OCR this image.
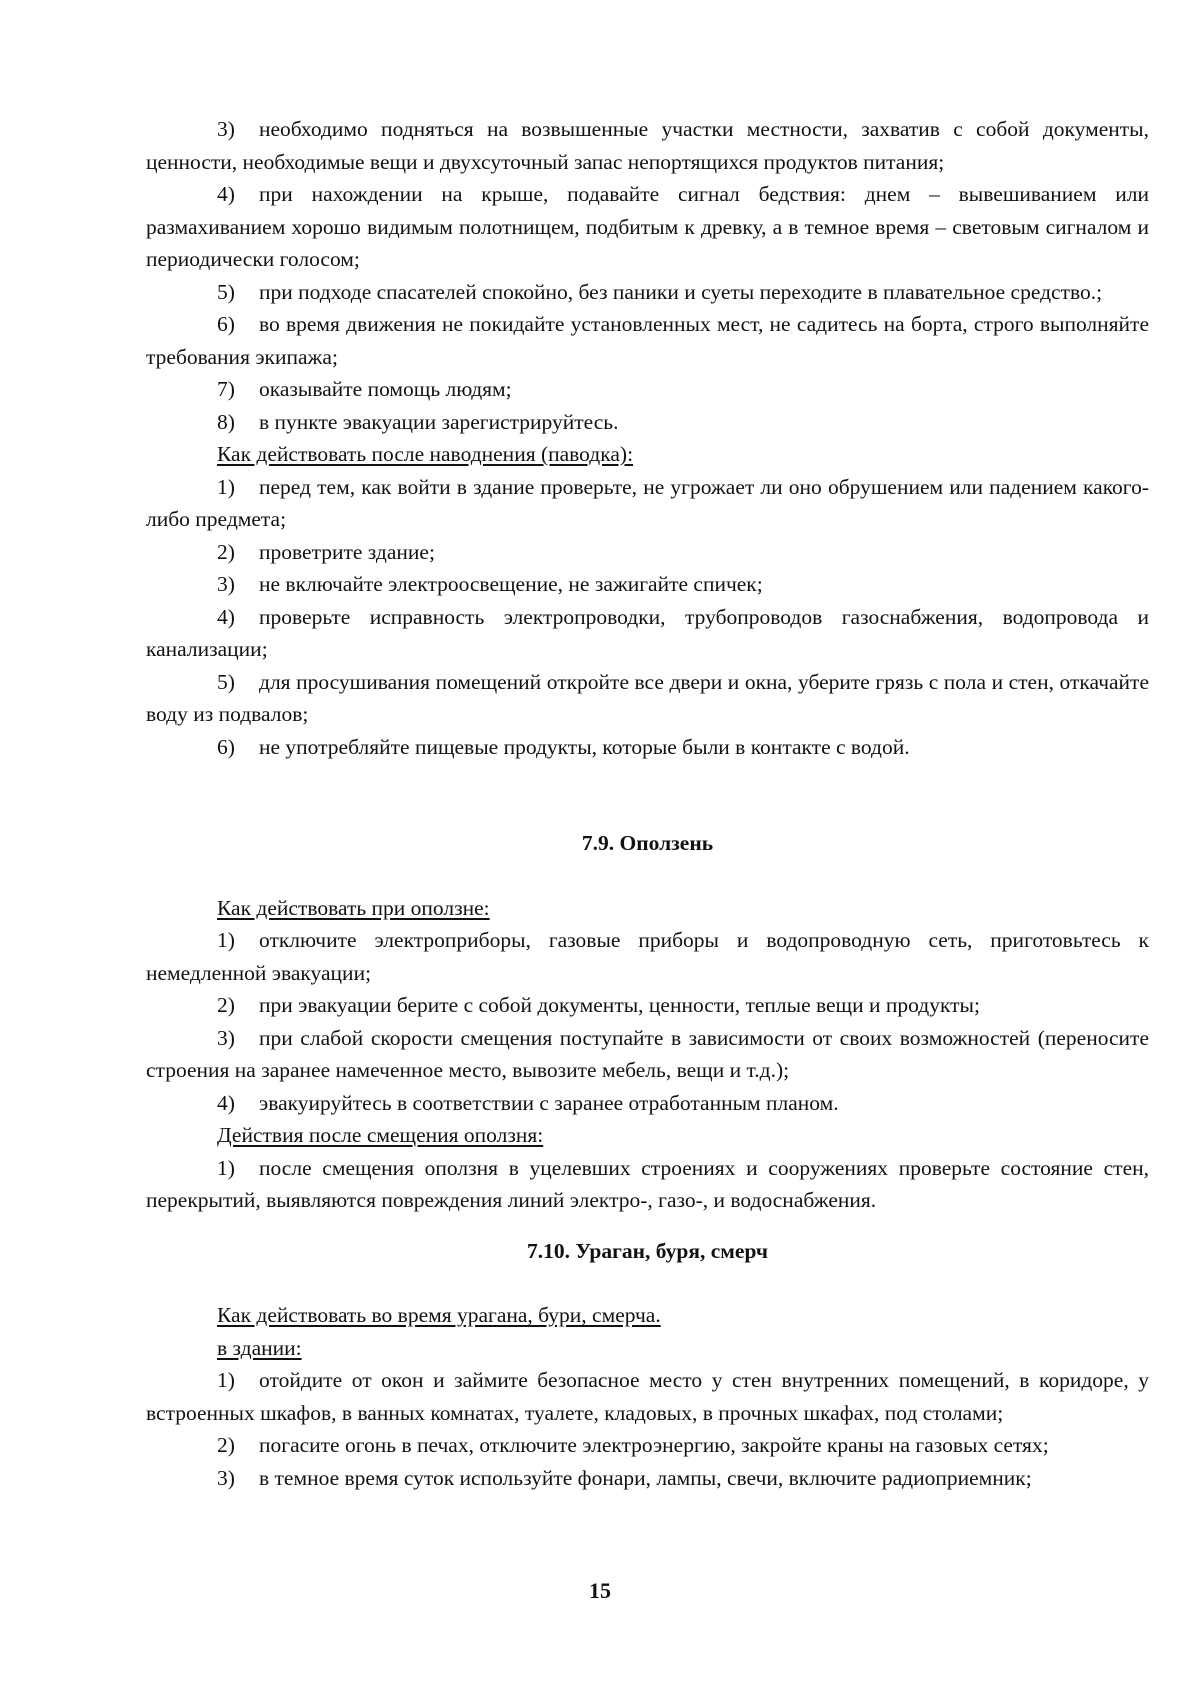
3) необходимо подняться на возвышенные участки местности, захватив с собой документы, ценности, необходимые вещи и двухсуточный запас непортящихся продуктов питания;

4) при нахождении на крыше, подавайте сигнал бедствия: днем – вывешиванием или размахиванием хорошо видимым полотнищем, подбитым к древку, а в темное время – световым сигналом и периодически голосом;

5) при подходе спасателей спокойно, без паники и суеты переходите в плавательное средство.;

6) во время движения не покидайте установленных мест, не садитесь на борта, строго выполняйте требования экипажа;

7) оказывайте помощь людям;

8) в пункте эвакуации зарегистрируйтесь.

Как действовать после наводнения (паводка):

1) перед тем, как войти в здание проверьте, не угрожает ли оно обрушением или падением какого-либо предмета;

2) проветрите здание;

3) не включайте электроосвещение, не зажигайте спичек;

4) проверьте исправность электропроводки, трубопроводов газоснабжения, водопровода и канализации;

5) для просушивания помещений откройте все двери и окна, уберите грязь с пола и стен, откачайте воду из подвалов;

6) не употребляйте пищевые продукты, которые были в контакте с водой.

7.9. Оползень

Как действовать при оползне:

1) отключите электроприборы, газовые приборы и водопроводную сеть, приготовьтесь к немедленной эвакуации;

2) при эвакуации берите с собой документы, ценности, теплые вещи и продукты;

3) при слабой скорости смещения поступайте в зависимости от своих возможностей (переносите строения на заранее намеченное место, вывозите мебель, вещи и т.д.);

4) эвакуируйтесь в соответствии с заранее отработанным планом.

Действия после смещения оползня:

1) после смещения оползня в уцелевших строениях и сооружениях проверьте состояние стен, перекрытий, выявляются повреждения линий электро-, газо-, и водоснабжения.

7.10. Ураган, буря, смерч

Как действовать во время урагана, бури, смерча.

в здании:

1) отойдите от окон и займите безопасное место у стен внутренних помещений, в коридоре, у встроенных шкафов, в ванных комнатах, туалете, кладовых, в прочных шкафах, под столами;

2) погасите огонь в печах, отключите электроэнергию, закройте краны на газовых сетях;

3) в темное время суток используйте фонари, лампы, свечи, включите радиоприемник;

15
